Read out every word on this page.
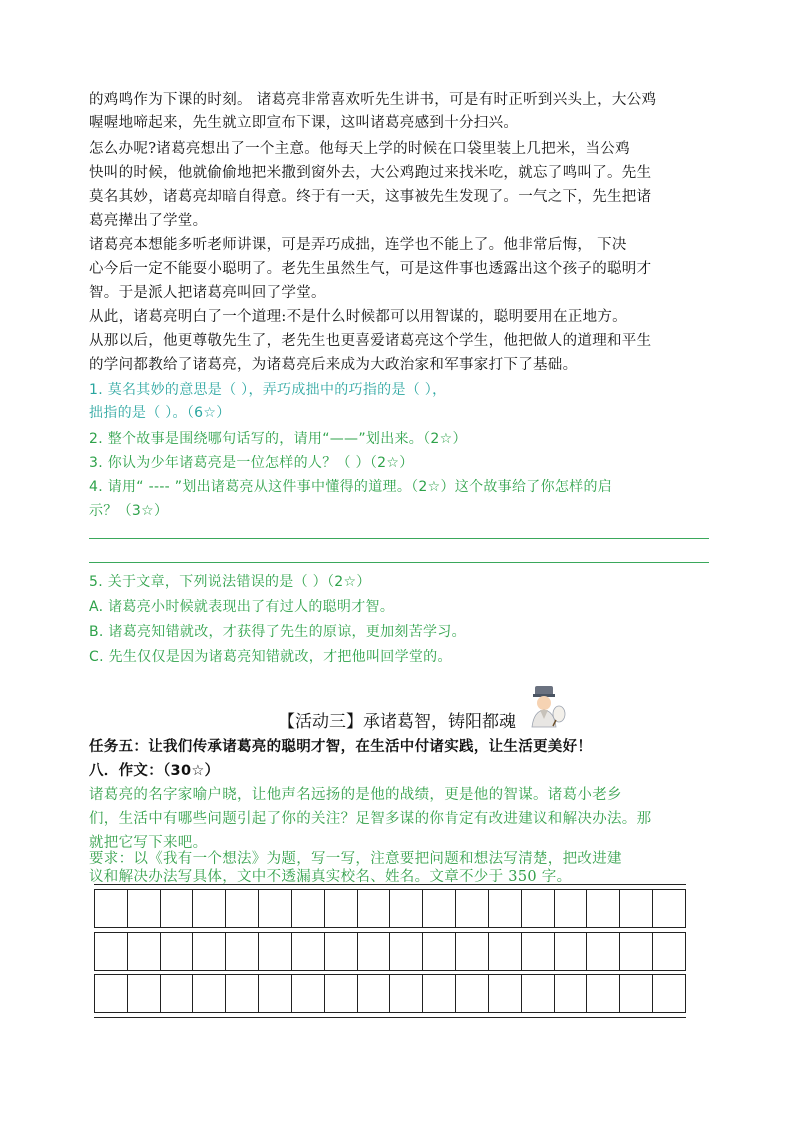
的鸡鸣作为下课的时刻。 诸葛亮非常喜欢听先生讲书，可是有时正听到兴头上，大公鸡
喔喔地啼起来，先生就立即宣布下课，这叫诸葛亮感到十分扫兴。
怎么办呢?诸葛亮想出了一个主意。他每天上学的时候在口袋里装上几把米，当公鸡
快叫的时候，他就偷偷地把米撒到窗外去，大公鸡跑过来找米吃，就忘了鸣叫了。先生
莫名其妙，诸葛亮却暗自得意。终于有一天，这事被先生发现了。一气之下，先生把诸
葛亮撵出了学堂。
诸葛亮本想能多听老师讲课，可是弄巧成拙，连学也不能上了。他非常后悔， 下决
心今后一定不能耍小聪明了。老先生虽然生气，可是这件事也透露出这个孩子的聪明才
智。于是派人把诸葛亮叫回了学堂。
从此，诸葛亮明白了一个道理:不是什么时候都可以用智谋的，聪明要用在正地方。
从那以后，他更尊敬先生了，老先生也更喜爱诸葛亮这个学生，他把做人的道理和平生
的学问都教给了诸葛亮，为诸葛亮后来成为大政治家和军事家打下了基础。
1. 莫名其妙的意思是（ ），弄巧成拙中的巧指的是（ ），
拙指的是（ ）。（6☆）
2. 整个故事是围绕哪句话写的，请用“——”划出来。（2☆）
3. 你认为少年诸葛亮是一位怎样的人？（ ）（2☆）
4. 请用“ ---- ”划出诸葛亮从这件事中懂得的道理。（2☆）这个故事给了你怎样的启
示？（3☆）
5. 关于文章，下列说法错误的是（ ）（2☆）
A. 诸葛亮小时候就表现出了有过人的聪明才智。
B. 诸葛亮知错就改，才获得了先生的原谅，更加刻苦学习。
C. 先生仅仅是因为诸葛亮知错就改，才把他叫回学堂的。
【活动三】承诸葛智，铸阳都魂
任务五：让我们传承诸葛亮的聪明才智，在生活中付诸实践，让生活更美好！
八．作文：（30☆）
诸葛亮的名字家喻户晓，让他声名远扬的是他的战绩，更是他的智谋。诸葛小老乡
们，生活中有哪些问题引起了你的关注？足智多谋的你肯定有改进建议和解决办法。那
就把它写下来吧。
要求：以《我有一个想法》为题，写一写，注意要把问题和想法写清楚，把改进建
议和解决办法写具体，文中不透漏真实校名、姓名。文章不少于 350 字。
